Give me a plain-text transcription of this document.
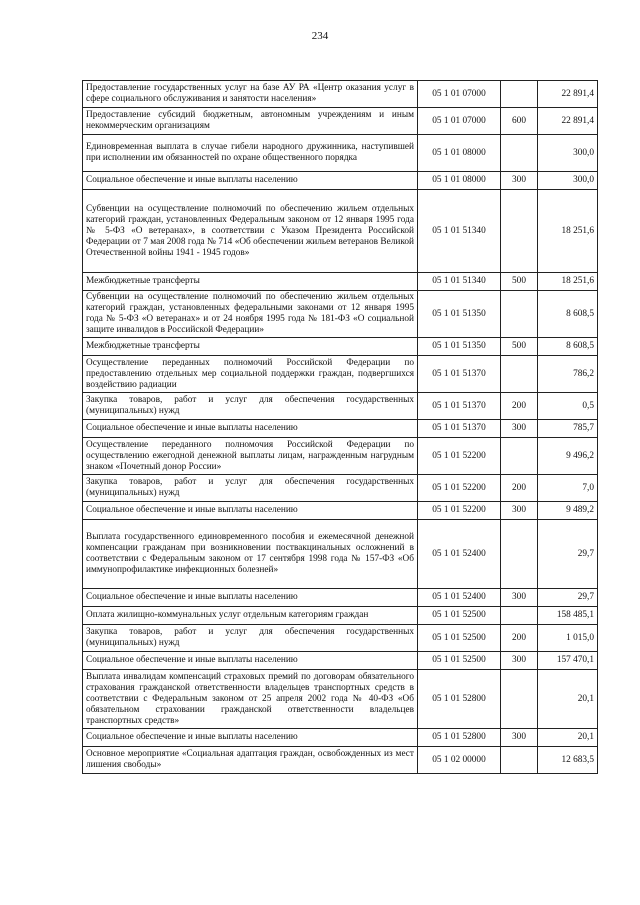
234
Предоставление государственных услуг на базе АУ РА «Центр оказания услуг в сфере социального обслуживания и занятости населения»	05 1 01 07000		22 891,4
Предоставление субсидий бюджетным, автономным учреждениям и иным некоммерческим организациям	05 1 01 07000	600	22 891,4
Единовременная выплата в случае гибели народного дружинника, наступившей при исполнении им обязанностей по охране общественного порядка	05 1 01 08000		300,0
Социальное обеспечение и иные выплаты населению	05 1 01 08000	300	300,0
Субвенции на осуществление полномочий по обеспечению жильем отдельных категорий граждан, установленных Федеральным законом от 12 января 1995 года № 5-ФЗ «О ветеранах», в соответствии с Указом Президента Российской Федерации от 7 мая 2008 года № 714 «Об обеспечении жильем ветеранов Великой Отечественной войны 1941 - 1945 годов»	05 1 01 51340		18 251,6
Межбюджетные трансферты	05 1 01 51340	500	18 251,6
Субвенции на осуществление полномочий по обеспечению жильем отдельных категорий граждан, установленных федеральными законами от 12 января 1995 года № 5-ФЗ «О ветеранах» и от 24 ноября 1995 года № 181-ФЗ «О социальной защите инвалидов в Российской Федерации»	05 1 01 51350		8 608,5
Межбюджетные трансферты	05 1 01 51350	500	8 608,5
Осуществление переданных полномочий Российской Федерации по предоставлению отдельных мер социальной поддержки граждан, подвергшихся воздействию радиации	05 1 01 51370		786,2
Закупка товаров, работ и услуг для обеспечения государственных (муниципальных) нужд	05 1 01 51370	200	0,5
Социальное обеспечение и иные выплаты населению	05 1 01 51370	300	785,7
Осуществление переданного полномочия Российской Федерации по осуществлению ежегодной денежной выплаты лицам, награжденным нагрудным знаком «Почетный донор России»	05 1 01 52200		9 496,2
Закупка товаров, работ и услуг для обеспечения государственных (муниципальных) нужд	05 1 01 52200	200	7,0
Социальное обеспечение и иные выплаты населению	05 1 01 52200	300	9 489,2
Выплата государственного единовременного пособия и ежемесячной денежной компенсации гражданам при возникновении поствакцинальных осложнений в соответствии с Федеральным законом от 17 сентября 1998 года № 157-ФЗ «Об иммунопрофилактике инфекционных болезней»	05 1 01 52400		29,7
Социальное обеспечение и иные выплаты населению	05 1 01 52400	300	29,7
Оплата жилищно-коммунальных услуг отдельным категориям граждан	05 1 01 52500		158 485,1
Закупка товаров, работ и услуг для обеспечения государственных (муниципальных) нужд	05 1 01 52500	200	1 015,0
Социальное обеспечение и иные выплаты населению	05 1 01 52500	300	157 470,1
Выплата инвалидам компенсаций страховых премий по договорам обязательного страхования гражданской ответственности владельцев транспортных средств в соответствии с Федеральным законом от 25 апреля 2002 года № 40-ФЗ «Об обязательном страховании гражданской ответственности владельцев транспортных средств»	05 1 01 52800		20,1
Социальное обеспечение и иные выплаты населению	05 1 01 52800	300	20,1
Основное мероприятие «Социальная адаптация граждан, освобожденных из мест лишения свободы»	05 1 02 00000		12 683,5
